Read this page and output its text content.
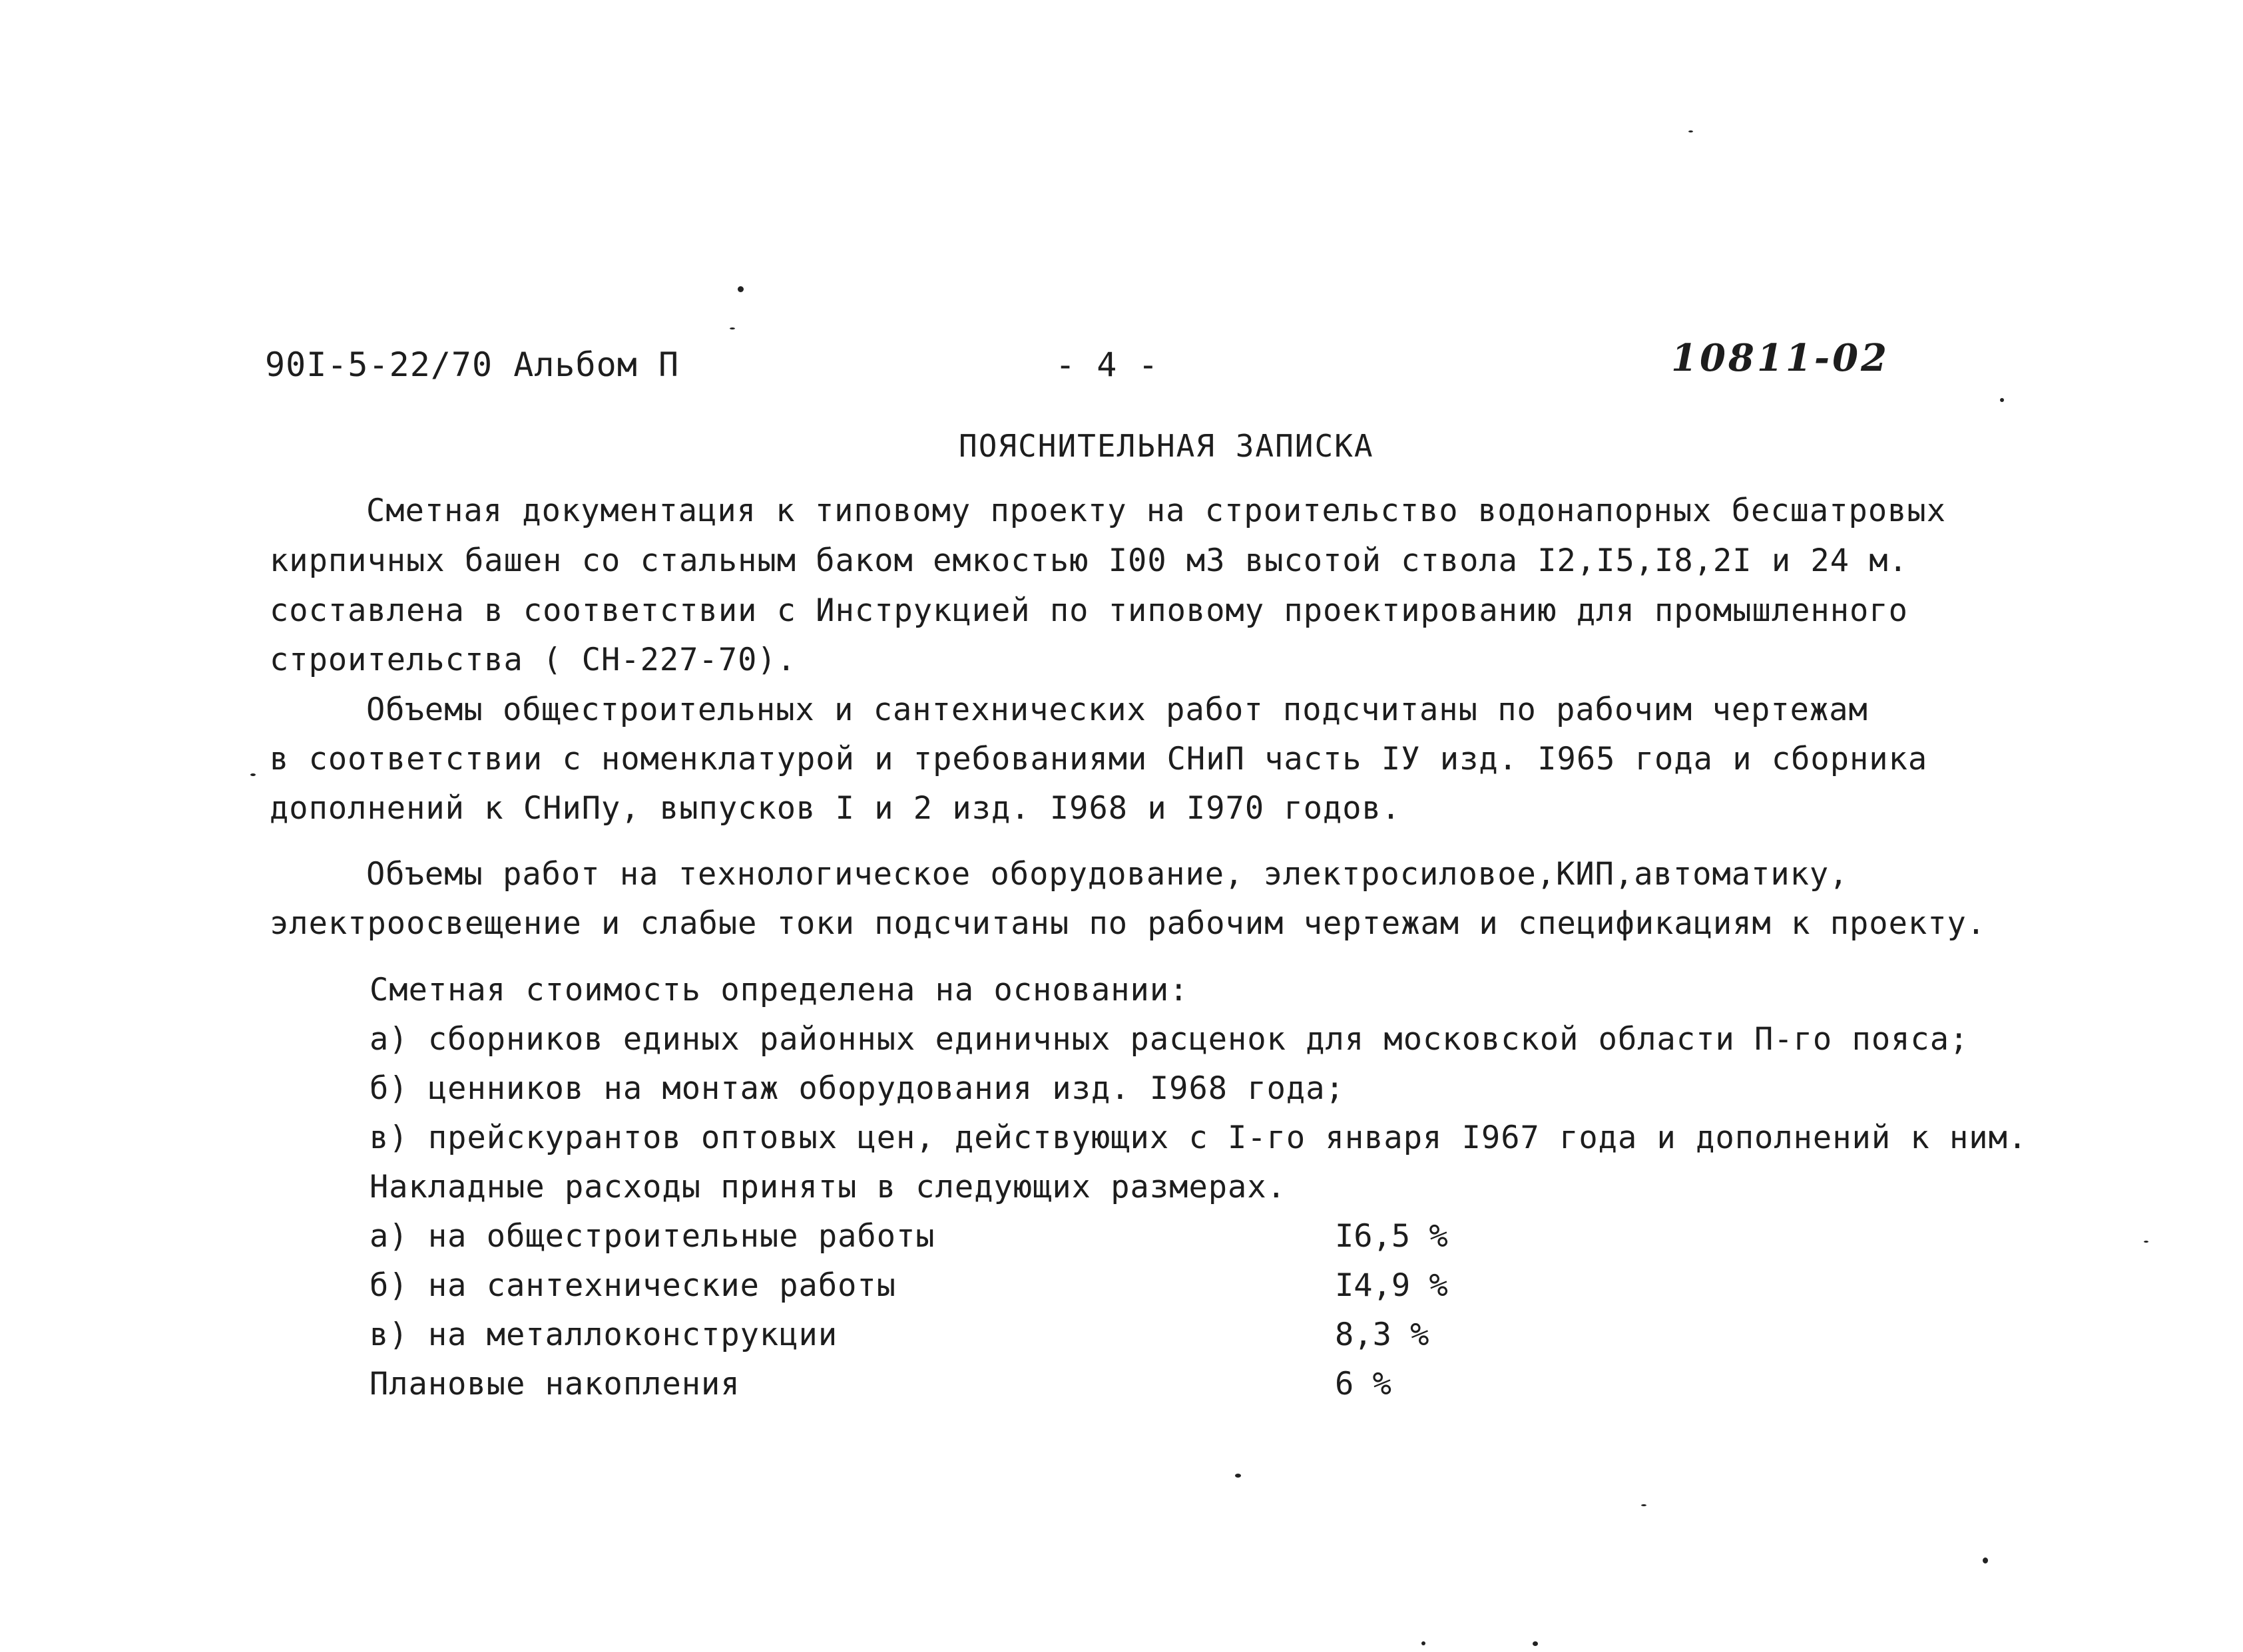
90I-5-22/70 Альбом П	- 4 -	10811-02
ПОЯСНИТЕЛЬНАЯ ЗАПИСКА
Сметная документация к типовому проекту на строительство водонапорных бесшатровых
кирпичных башен со стальным баком емкостью I00 м3 высотой ствола I2,I5,I8,2I и 24 м.
составлена в соответствии с Инструкцией по типовому проектированию для промышленного
строительства ( СН-227-70).
Объемы общестроительных и сантехнических работ подсчитаны по рабочим чертежам
в соответствии с номенклатурой и требованиями СНиП часть IУ изд. I965 года и сборника
дополнений к СНиПу, выпусков I и 2 изд. I968 и I970 годов.
Объемы работ на технологическое оборудование, электросиловое,КИП,автоматику,
электроосвещение и слабые токи подсчитаны по рабочим чертежам и спецификациям к проекту.
Сметная стоимость определена на основании:
а) сборников единых районных единичных расценок для московской области П-го пояса;
б) ценников на монтаж оборудования изд. I968 года;
в) прейскурантов оптовых цен, действующих с I-го января I967 года и дополнений к ним.
Накладные расходы приняты в следующих размерах.
а) на общестроительные работы	I6,5 %
б) на сантехнические работы	I4,9 %
в) на металлоконструкции	8,3 %
Плановые накопления	6 %
